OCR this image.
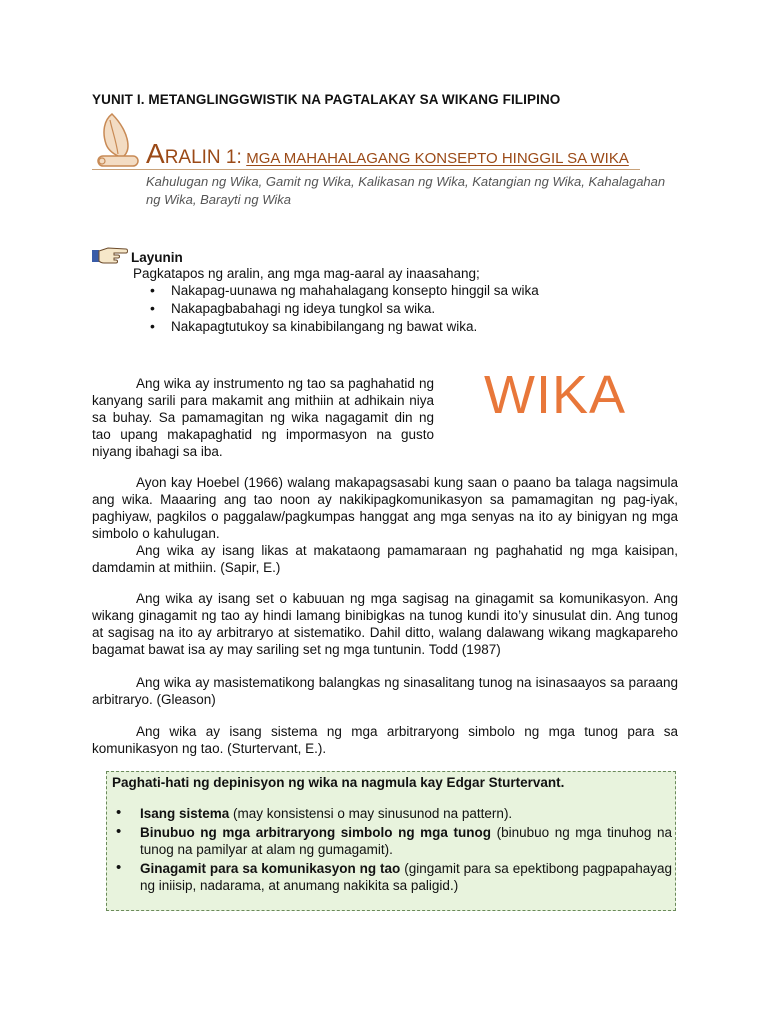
YUNIT I. METANGLINGGWISTIK NA PAGTALAKAY SA WIKANG FILIPINO
ARALIN 1: MGA MAHAHALAGANG KONSEPTO HINGGIL SA WIKA
Kahulugan ng Wika, Gamit ng Wika, Kalikasan ng Wika, Katangian ng Wika, Kahalagahan ng Wika, Barayti ng Wika
Layunin
Pagkatapos ng aralin, ang mga mag-aaral ay inaasahang;
• Nakapag-uunawa ng mahahalagang konsepto hinggil sa wika
• Nakapagbabahagi ng ideya tungkol sa wika.
• Nakapagtutukoy sa kinabibilangang ng bawat wika.
Ang wika ay instrumento ng tao sa paghahatid ng kanyang sarili para makamit ang mithiin at adhikain niya sa buhay. Sa pamamagitan ng wika nagagamit din ng tao upang makapaghatid ng impormasyon na gusto niyang ibahagi sa iba.
WIKA
Ayon kay Hoebel (1966) walang makapagsasabi kung saan o paano ba talaga nagsimula ang wika. Maaaring ang tao noon ay nakikipagkomunikasyon sa pamamagitan ng pag-iyak, paghiyaw, pagkilos o paggalaw/pagkumpas hanggat ang mga senyas na ito ay binigyan ng mga simbolo o kahulugan.
Ang wika ay isang likas at makataong pamamaraan ng paghahatid ng mga kaisipan, damdamin at mithiin. (Sapir, E.)
Ang wika ay isang set o kabuuan ng mga sagisag na ginagamit sa komunikasyon. Ang wikang ginagamit ng tao ay hindi lamang binibigkas na tunog kundi ito’y sinusulat din. Ang tunog at sagisag na ito ay arbitraryo at sistematiko. Dahil ditto, walang dalawang wikang magkapareho bagamat bawat isa ay may sariling set ng mga tuntunin. Todd (1987)
Ang wika ay masistematikong balangkas ng sinasalitang tunog na isinasaayos sa paraang arbitraryo. (Gleason)
Ang wika ay isang sistema ng mga arbitraryong simbolo ng mga tunog para sa komunikasyon ng tao. (Sturtervant, E.).
Paghati-hati ng depinisyon ng wika na nagmula kay Edgar Sturtervant.
• Isang sistema (may konsistensi o may sinusunod na pattern).
• Binubuo ng mga arbitraryong simbolo ng mga tunog (binubuo ng mga tinuhog na tunog na pamilyar at alam ng gumagamit).
• Ginagamit para sa komunikasyon ng tao (gingamit para sa epektibong pagpapahayag ng iniisip, nadarama, at anumang nakikita sa paligid.)
